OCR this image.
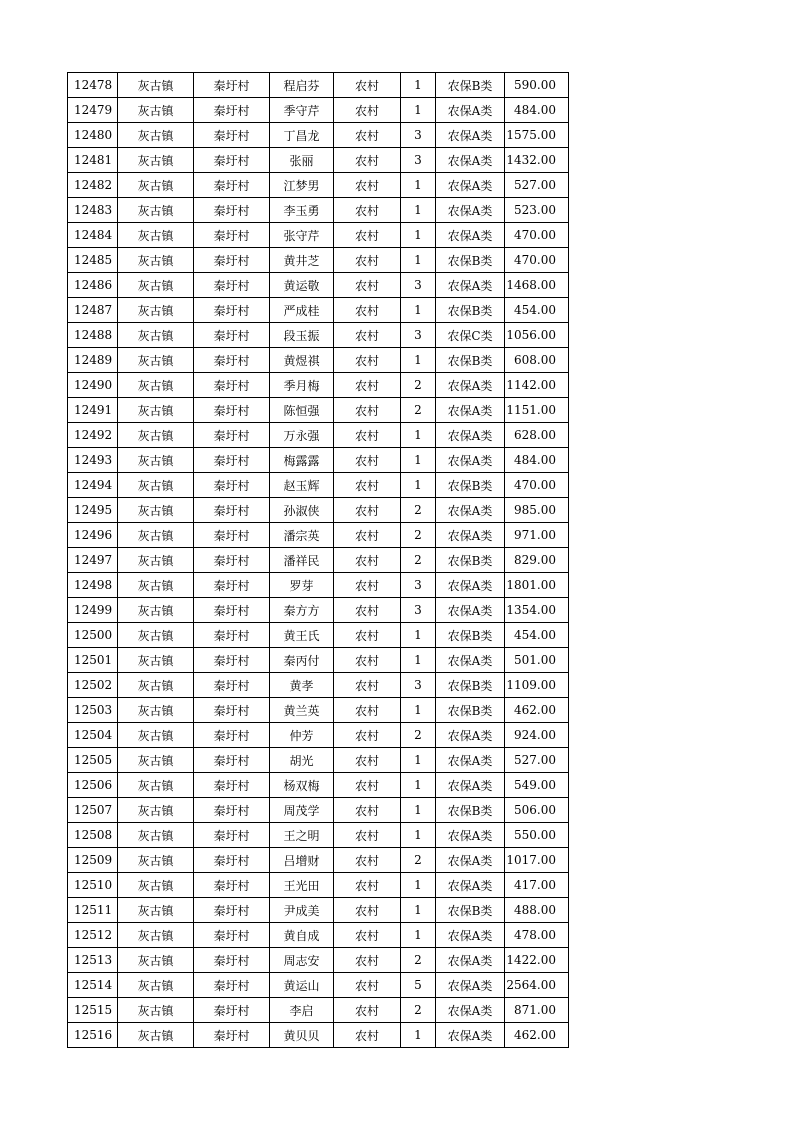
12478	灰古镇	秦圩村	程启芬	农村	1	农保B类	590.00
12479	灰古镇	秦圩村	季守芹	农村	1	农保A类	484.00
12480	灰古镇	秦圩村	丁昌龙	农村	3	农保A类	1575.00
12481	灰古镇	秦圩村	张丽	农村	3	农保A类	1432.00
12482	灰古镇	秦圩村	江梦男	农村	1	农保A类	527.00
12483	灰古镇	秦圩村	李玉勇	农村	1	农保A类	523.00
12484	灰古镇	秦圩村	张守芹	农村	1	农保A类	470.00
12485	灰古镇	秦圩村	黄井芝	农村	1	农保B类	470.00
12486	灰古镇	秦圩村	黄运敬	农村	3	农保A类	1468.00
12487	灰古镇	秦圩村	严成桂	农村	1	农保B类	454.00
12488	灰古镇	秦圩村	段玉振	农村	3	农保C类	1056.00
12489	灰古镇	秦圩村	黄煜祺	农村	1	农保B类	608.00
12490	灰古镇	秦圩村	季月梅	农村	2	农保A类	1142.00
12491	灰古镇	秦圩村	陈恒强	农村	2	农保A类	1151.00
12492	灰古镇	秦圩村	万永强	农村	1	农保A类	628.00
12493	灰古镇	秦圩村	梅露露	农村	1	农保A类	484.00
12494	灰古镇	秦圩村	赵玉辉	农村	1	农保B类	470.00
12495	灰古镇	秦圩村	孙淑侠	农村	2	农保A类	985.00
12496	灰古镇	秦圩村	潘宗英	农村	2	农保A类	971.00
12497	灰古镇	秦圩村	潘祥民	农村	2	农保B类	829.00
12498	灰古镇	秦圩村	罗芽	农村	3	农保A类	1801.00
12499	灰古镇	秦圩村	秦方方	农村	3	农保A类	1354.00
12500	灰古镇	秦圩村	黄王氏	农村	1	农保B类	454.00
12501	灰古镇	秦圩村	秦丙付	农村	1	农保A类	501.00
12502	灰古镇	秦圩村	黄孝	农村	3	农保B类	1109.00
12503	灰古镇	秦圩村	黄兰英	农村	1	农保B类	462.00
12504	灰古镇	秦圩村	仲芳	农村	2	农保A类	924.00
12505	灰古镇	秦圩村	胡光	农村	1	农保A类	527.00
12506	灰古镇	秦圩村	杨双梅	农村	1	农保A类	549.00
12507	灰古镇	秦圩村	周茂学	农村	1	农保B类	506.00
12508	灰古镇	秦圩村	王之明	农村	1	农保A类	550.00
12509	灰古镇	秦圩村	吕增财	农村	2	农保A类	1017.00
12510	灰古镇	秦圩村	王光田	农村	1	农保A类	417.00
12511	灰古镇	秦圩村	尹成美	农村	1	农保B类	488.00
12512	灰古镇	秦圩村	黄自成	农村	1	农保A类	478.00
12513	灰古镇	秦圩村	周志安	农村	2	农保A类	1422.00
12514	灰古镇	秦圩村	黄运山	农村	5	农保A类	2564.00
12515	灰古镇	秦圩村	李启	农村	2	农保A类	871.00
12516	灰古镇	秦圩村	黄贝贝	农村	1	农保A类	462.00
